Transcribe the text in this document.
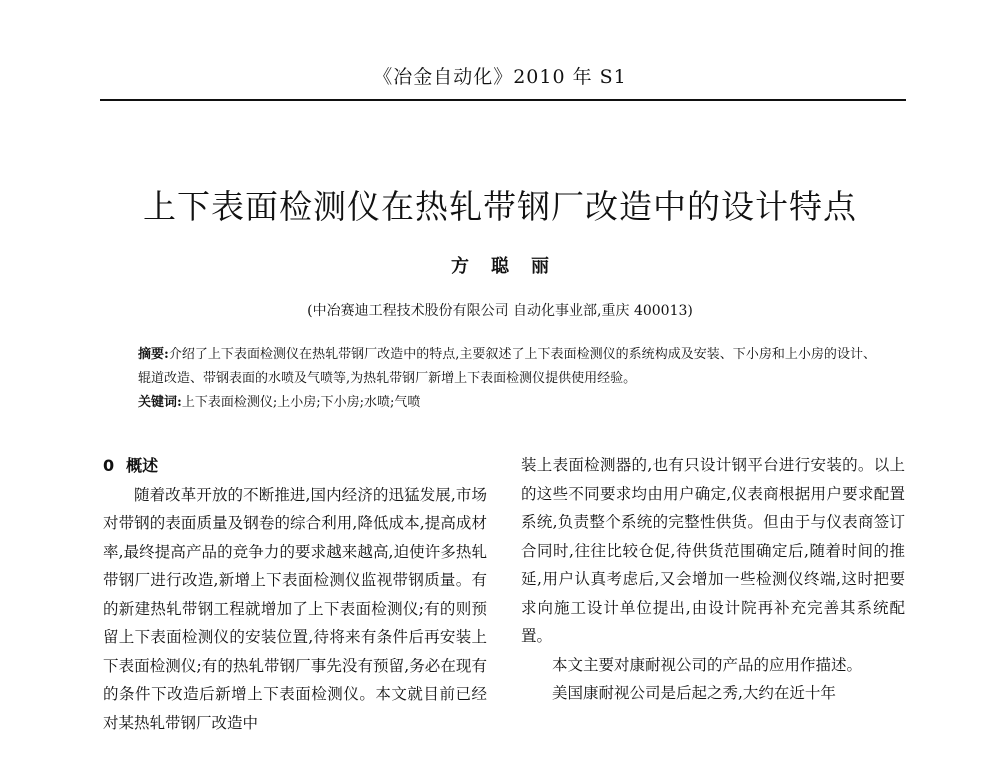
《冶金自动化》2010 年 S1
上下表面检测仪在热轧带钢厂改造中的设计特点
方聪丽
(中冶赛迪工程技术股份有限公司 自动化事业部,重庆 400013)

摘要:介绍了上下表面检测仪在热轧带钢厂改造中的特点,主要叙述了上下表面检测仪的系统构成及安装、下小房和上小房的设计、辊道改造、带钢表面的水喷及气喷等,为热轧带钢厂新增上下表面检测仪提供使用经验。

关键词:上下表面检测仪;上小房;下小房;水喷;气喷

0 概述

随着改革开放的不断推进,国内经济的迅猛发展,市场对带钢的表面质量及钢卷的综合利用,降低成本,提高成材率,最终提高产品的竞争力的要求越来越高,迫使许多热轧带钢厂进行改造,新增上下表面检测仪监视带钢质量。有的新建热轧带钢工程就增加了上下表面检测仪;有的则预留上下表面检测仪的安装位置,待将来有条件后再安装上下表面检测仪;有的热轧带钢厂事先没有预留,务必在现有的条件下改造后新增上下表面检测仪。本文就目前已经对某热轧带钢厂改造中

装上表面检测器的,也有只设计钢平台进行安装的。以上的这些不同要求均由用户确定,仪表商根据用户要求配置系统,负责整个系统的完整性供货。但由于与仪表商签订合同时,往往比较仓促,待供货范围确定后,随着时间的推延,用户认真考虑后,又会增加一些检测仪终端,这时把要求向施工设计单位提出,由设计院再补充完善其系统配置。

本文主要对康耐视公司的产品的应用作描述。

美国康耐视公司是后起之秀,大约在近十年
